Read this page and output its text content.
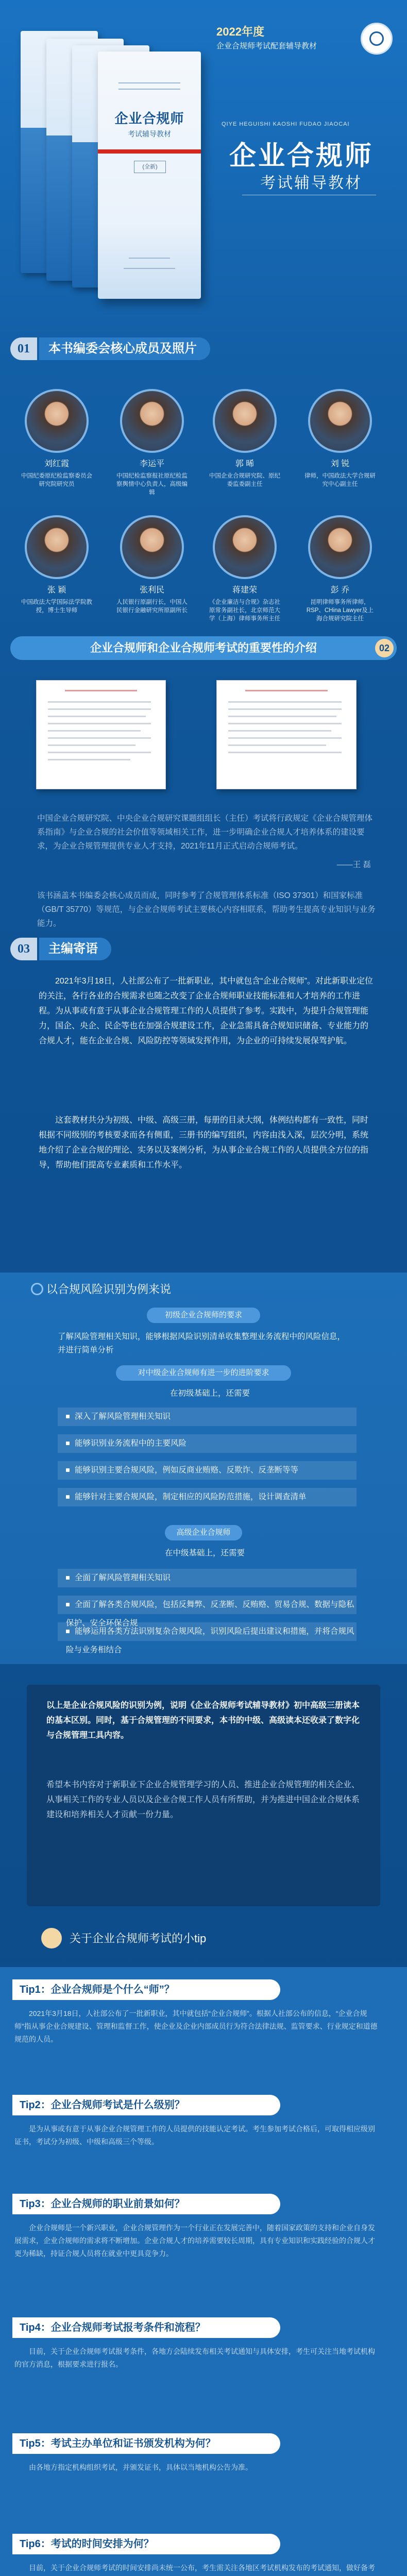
企业合规师
考试辅导教材
(全新)
2022年度
企业合规师考试配套辅导教材
QIYE HEGUISHI KAOSHI FUDAO JIAOCAI
企业合规师
考试辅导教材
01	本书编委会核心成员及照片
刘红霞
中国纪委原纪检监察委员会研究院研究员
李运平
中国纪检监察报社原纪检监察舆情中心负责人，高级编辑
郭 晞
中国企业合规研究院、原纪委监委副主任
刘 锐
律师，中国政法大学合规研究中心副主任
张 颖
中国政法大学国际法学院教授，博士生导师
张利民
人民银行原副行长，中国人民银行金融研究所原副所长
蒋建荣
《企业廉洁与合规》杂志社原常务副社长，北京师范大学（上海）律师事务所主任
彭 乔
昆明律师事务所律师，RSP、CHina Lawyer及上海合规研究院主任
企业合规师和企业合规师考试的重要性的介绍	02
中国企业合规研究院、中央企业合规研究课题组组长（主任）考试将行政规定《企业合规管理体系指南》与企业合规的社会价值等领域相关工作，进一步明确企业合规人才培养体系的建设要求，为企业合规管理提供专业人才支持，2021年11月正式启动合规师考试。
——王 磊
该书涵盖本书编委会核心成员而成，同时参考了合规管理体系标准（ISO 37301）和国家标准（GB/T 35770）等规范，与企业合规师考试主要核心内容相联系，帮助考生提高专业知识与业务能力。
03	主编寄语
2021年3月18日，人社部公布了一批新职业，其中就包含“企业合规师”。对此新职业定位的关注，各行各业的合规需求也随之改变了企业合规师职业技能标准和人才培养的工作进程。为从事或有意于从事企业合规管理工作的人员提供了参考。实践中，为提升合规管理能力，国企、央企、民企等也在加强合规建设工作，企业急需具备合规知识储备、专业能力的合规人才，能在企业合规、风险防控等领域发挥作用，为企业的可持续发展保驾护航。
这套教材共分为初级、中级、高级三册，每册的目录大纲，体例结构都有一致性，同时根据不同级别的考核要求而各有侧重，三册书的编写组织，内容由浅入深，层次分明，系统地介绍了企业合规的理论、实务以及案例分析，为从事企业合规工作的人员提供全方位的指导，帮助他们提高专业素质和工作水平。
以合规风险识别为例来说
初级企业合规师的要求
了解风险管理相关知识，能够根据风险识别清单收集整理业务流程中的风险信息，并进行简单分析
对中级企业合规师有进一步的进阶要求
在初级基础上，还需要
深入了解风险管理相关知识
能够识别业务流程中的主要风险
能够识别主要合规风险，例如反商业贿赂、反欺诈、反垄断等等
能够针对主要合规风险，制定相应的风险防范措施，设计调查清单
高级企业合规师
在中级基础上，还需要
全面了解风险管理相关知识
全面了解各类合规风险，包括反舞弊、反垄断、反贿赂、贸易合规、数据与隐私保护、安全环保合规
能够运用各类方法识别复杂合规风险，识别风险后提出建议和措施，并将合规风险与业务相结合
以上是企业合规风险的识别为例，说明《企业合规师考试辅导教材》初中高级三册读本的基本区别。同时，基于合规管理的不同要求，本书的中级、高级读本还收录了数字化与合规管理工具内容。
希望本书内容对于新职业下企业合规管理学习的人员、推进企业合规管理的相关企业、从事相关工作的专业人员以及企业合规工作人员有所帮助，并为推进中国企业合规体系建设和培养相关人才贡献一份力量。
关于企业合规师考试的小tip
Tip1：企业合规师是个什么“师”？
2021年3月18日，人社部公布了一批新职业，其中就包括“企业合规师”。根据人社部公布的信息，“企业合规师”指从事企业合规建设、管理和监督工作，使企业及企业内部成员行为符合法律法规、监管要求、行业规定和道德规范的人员。
Tip2：企业合规师考试是什么级别？
是为从事或有意于从事企业合规管理工作的人员提供的技能认定考试。考生参加考试合格后，可取得相应级别证书，考试分为初级、中级和高级三个等级。
Tip3：企业合规师的职业前景如何？
企业合规师是一个新兴职业，企业合规管理作为一个行业正在发展完善中，随着国家政策的支持和企业自身发展需求，企业合规师的需求将不断增加。企业合规人才的培养需要较长周期，具有专业知识和实践经验的合规人才更为稀缺，持证合规人员将在就业中更具竞争力。
Tip4：企业合规师考试报考条件和流程？
目前，关于企业合规师考试报考条件，各地方会陆续发布相关考试通知与具体安排，考生可关注当地考试机构的官方消息，根据要求进行报名。
Tip5：考试主办单位和证书颁发机构为何？
由各地方指定机构组织考试，并颁发证书，具体以当地机构公告为准。
Tip6：考试的时间安排为何？
目前，关于企业合规师考试的时间安排尚未统一公布，考生需关注各地区考试机构发布的考试通知，做好备考
